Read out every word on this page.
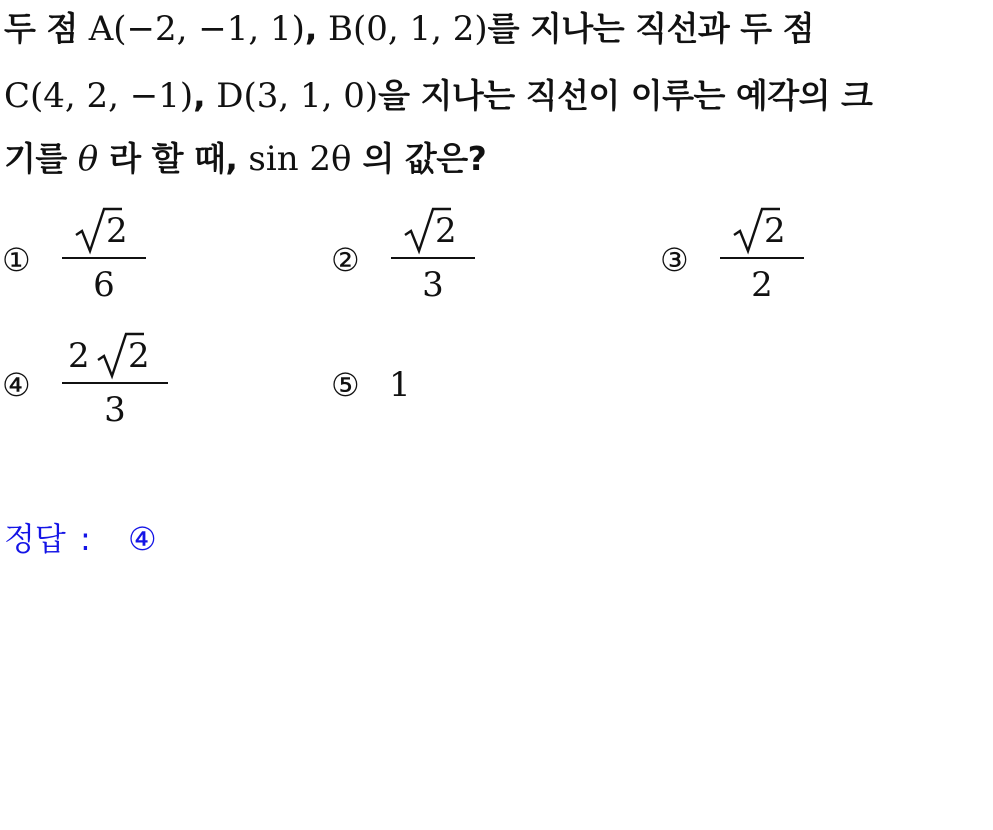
두 점 A(−2, −1, 1), B(0, 1, 2)를 지나는 직선과 두 점
C(4, 2, −1), D(3, 1, 0)을 지나는 직선이 이루는 예각의 크
기를 θ 라 할 때, sin 2θ 의 값은?
①
2
6
②
2
3
③
2
2
④
2 2
3
⑤ 1
정답 : ④
